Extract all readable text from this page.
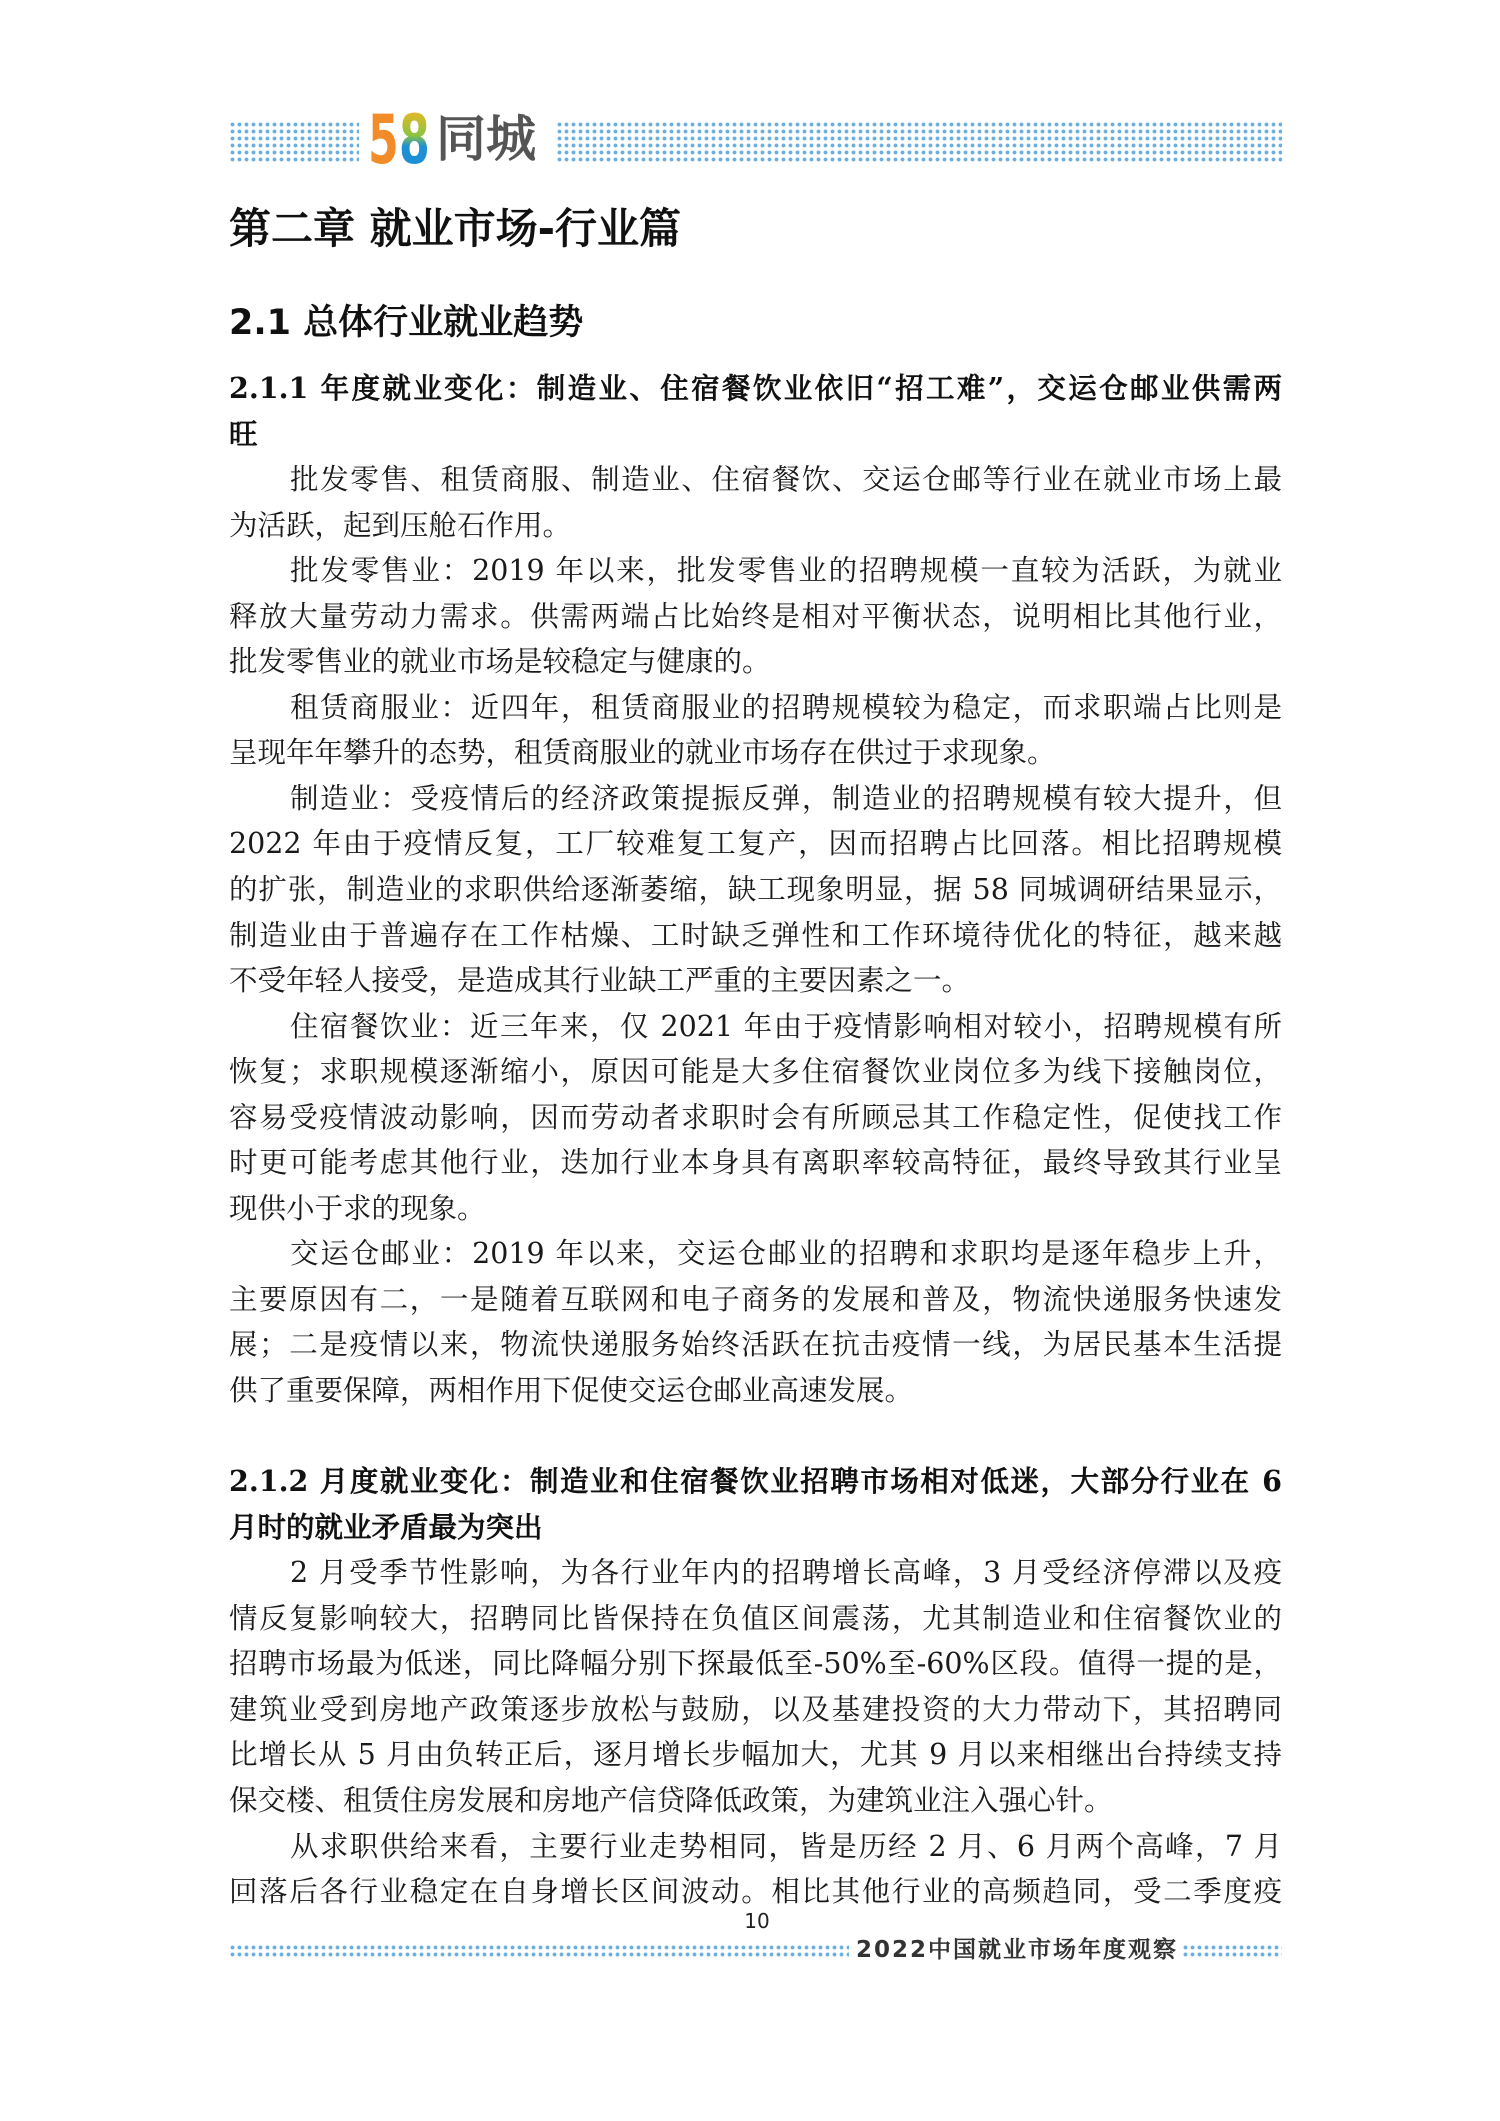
5 8 同城
第二章 就业市场-行业篇
2.1 总体行业就业趋势
2.1.1 年度就业变化：制造业、住宿餐饮业依旧“招工难”，交运仓邮业供需两
旺
批发零售、租赁商服、制造业、住宿餐饮、交运仓邮等行业在就业市场上最
为活跃，起到压舱石作用。
批发零售业：2019 年以来，批发零售业的招聘规模一直较为活跃，为就业
释放大量劳动力需求。供需两端占比始终是相对平衡状态，说明相比其他行业，
批发零售业的就业市场是较稳定与健康的。
租赁商服业：近四年，租赁商服业的招聘规模较为稳定，而求职端占比则是
呈现年年攀升的态势，租赁商服业的就业市场存在供过于求现象。
制造业：受疫情后的经济政策提振反弹，制造业的招聘规模有较大提升，但
2022 年由于疫情反复，工厂较难复工复产，因而招聘占比回落。相比招聘规模
的扩张，制造业的求职供给逐渐萎缩，缺工现象明显，据 58 同城调研结果显示，
制造业由于普遍存在工作枯燥、工时缺乏弹性和工作环境待优化的特征，越来越
不受年轻人接受，是造成其行业缺工严重的主要因素之一。
住宿餐饮业：近三年来，仅 2021 年由于疫情影响相对较小，招聘规模有所
恢复；求职规模逐渐缩小，原因可能是大多住宿餐饮业岗位多为线下接触岗位，
容易受疫情波动影响，因而劳动者求职时会有所顾忌其工作稳定性，促使找工作
时更可能考虑其他行业，迭加行业本身具有离职率较高特征，最终导致其行业呈
现供小于求的现象。
交运仓邮业：2019 年以来，交运仓邮业的招聘和求职均是逐年稳步上升，
主要原因有二，一是随着互联网和电子商务的发展和普及，物流快递服务快速发
展；二是疫情以来，物流快递服务始终活跃在抗击疫情一线，为居民基本生活提
供了重要保障，两相作用下促使交运仓邮业高速发展。
2.1.2 月度就业变化：制造业和住宿餐饮业招聘市场相对低迷，大部分行业在 6
月时的就业矛盾最为突出
2 月受季节性影响，为各行业年内的招聘增长高峰，3 月受经济停滞以及疫
情反复影响较大，招聘同比皆保持在负值区间震荡，尤其制造业和住宿餐饮业的
招聘市场最为低迷，同比降幅分别下探最低至-50%至-60%区段。值得一提的是，
建筑业受到房地产政策逐步放松与鼓励，以及基建投资的大力带动下，其招聘同
比增长从 5 月由负转正后，逐月增长步幅加大，尤其 9 月以来相继出台持续支持
保交楼、租赁住房发展和房地产信贷降低政策，为建筑业注入强心针。
从求职供给来看，主要行业走势相同，皆是历经 2 月、6 月两个高峰，7 月
回落后各行业稳定在自身增长区间波动。相比其他行业的高频趋同，受二季度疫
10
2022中国就业市场年度观察
